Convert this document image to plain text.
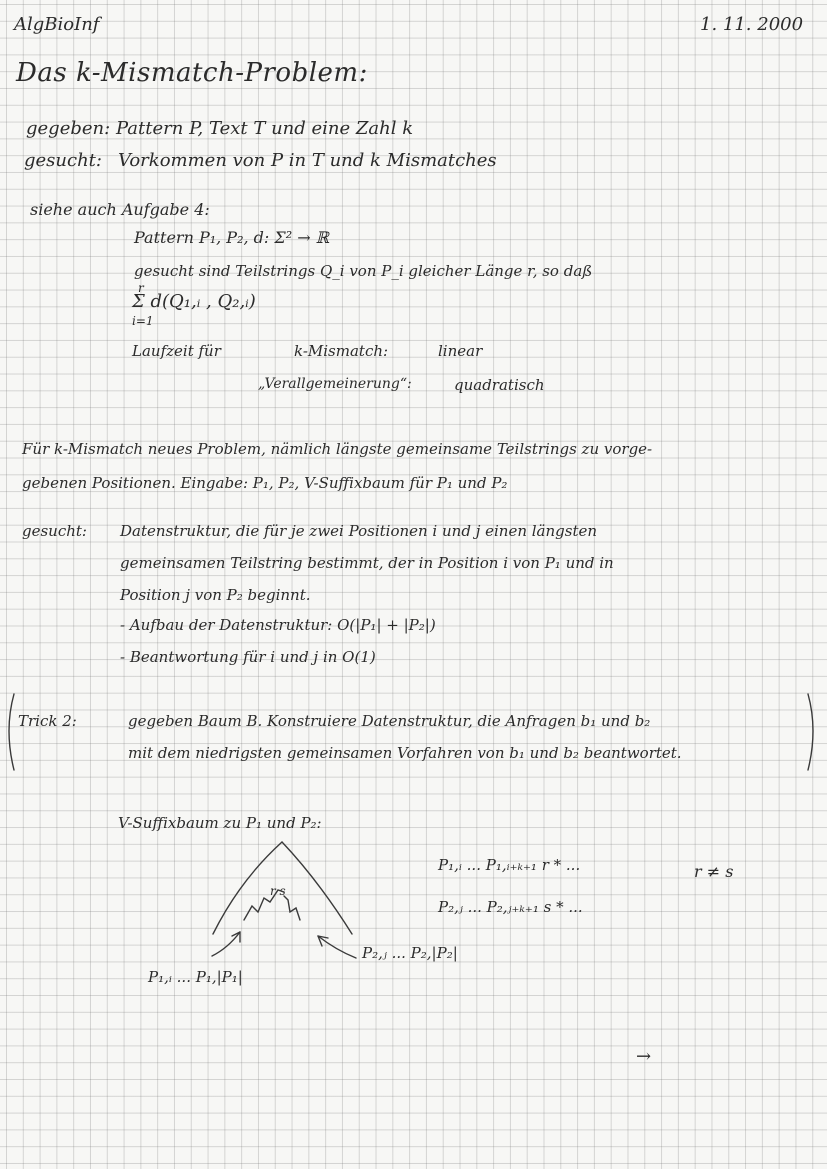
AlgBioInf	1. 11. 2000
Das k-Mismatch-Problem:
gegeben: Pattern P, Text T und eine Zahl k
gesucht: Vorkommen von P in T und k Mismatches
siehe auch Aufgabe 4:
Pattern P₁, P₂, d: Σ² → ℝ
gesucht sind Teilstrings Q_i von P_i gleicher Länge r, so daß
r
Σ d(Q₁,ᵢ , Q₂,ᵢ)
i=1
Laufzeit für	k-Mismatch:	linear
„Verallgemeinerung“:	quadratisch
Für k-Mismatch neues Problem, nämlich längste gemeinsame Teilstrings zu vorge-
gebenen Positionen. Eingabe: P₁, P₂, V-Suffixbaum für P₁ und P₂
gesucht: Datenstruktur, die für je zwei Positionen i und j einen längsten
gemeinsamen Teilstring bestimmt, der in Position i von P₁ und in
Position j von P₂ beginnt.
- Aufbau der Datenstruktur: O(|P₁| + |P₂|)
- Beantwortung für i und j in O(1)
Trick 2:	gegeben Baum B. Konstruiere Datenstruktur, die Anfragen b₁ und b₂
mit dem niedrigsten gemeinsamen Vorfahren von b₁ und b₂ beantwortet.
V-Suffixbaum zu P₁ und P₂:
r s
P₁,ᵢ ... P₁,|P₁|
P₂,ⱼ ... P₂,|P₂|
P₁,ᵢ ... P₁,ᵢ₊ₖ₊₁ r * ...
P₂,ⱼ ... P₂,ⱼ₊ₖ₊₁ s * ...
r ≠ s
→
